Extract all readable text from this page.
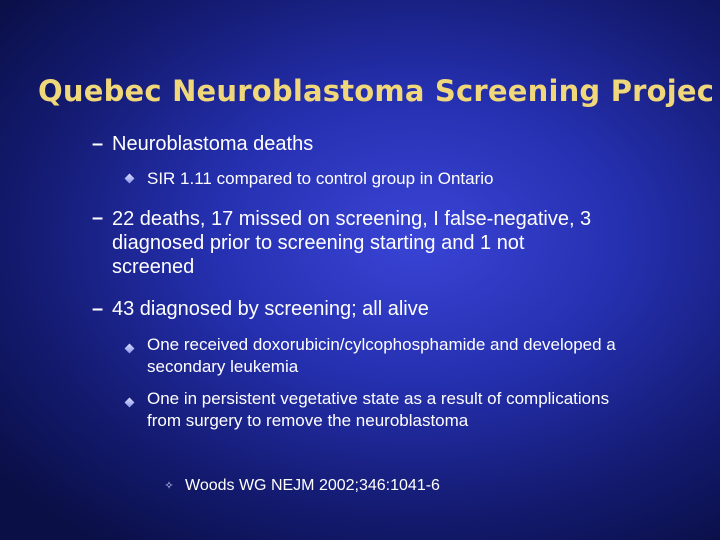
Quebec Neuroblastoma Screening Projec
– Neuroblastoma deaths
SIR 1.11 compared to control group in Ontario
– 22 deaths, 17 missed on screening, I false-negative, 3
diagnosed prior to screening starting and 1 not
screened
– 43 diagnosed by screening; all alive
One received doxorubicin/cylcophosphamide and developed a
secondary leukemia
One in persistent vegetative state as a result of complications
from surgery to remove the neuroblastoma
✧ Woods WG NEJM 2002;346:1041-6
